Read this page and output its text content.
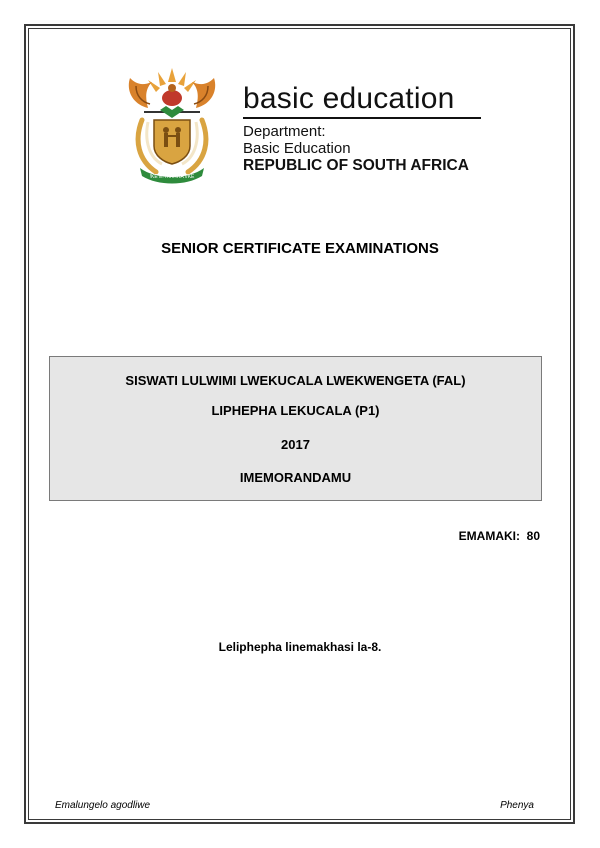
!KE E: /XARRA //KE
basic education
Department:
Basic Education
REPUBLIC OF SOUTH AFRICA
SENIOR CERTIFICATE EXAMINATIONS
SISWATI LULWIMI LWEKUCALA LWEKWENGETA (FAL)
LIPHEPHA LEKUCALA (P1)
2017
IMEMORANDAMU
EMAMAKI:  80
Leliphepha linemakhasi la-8.
Emalungelo agodliwe	Phenya
